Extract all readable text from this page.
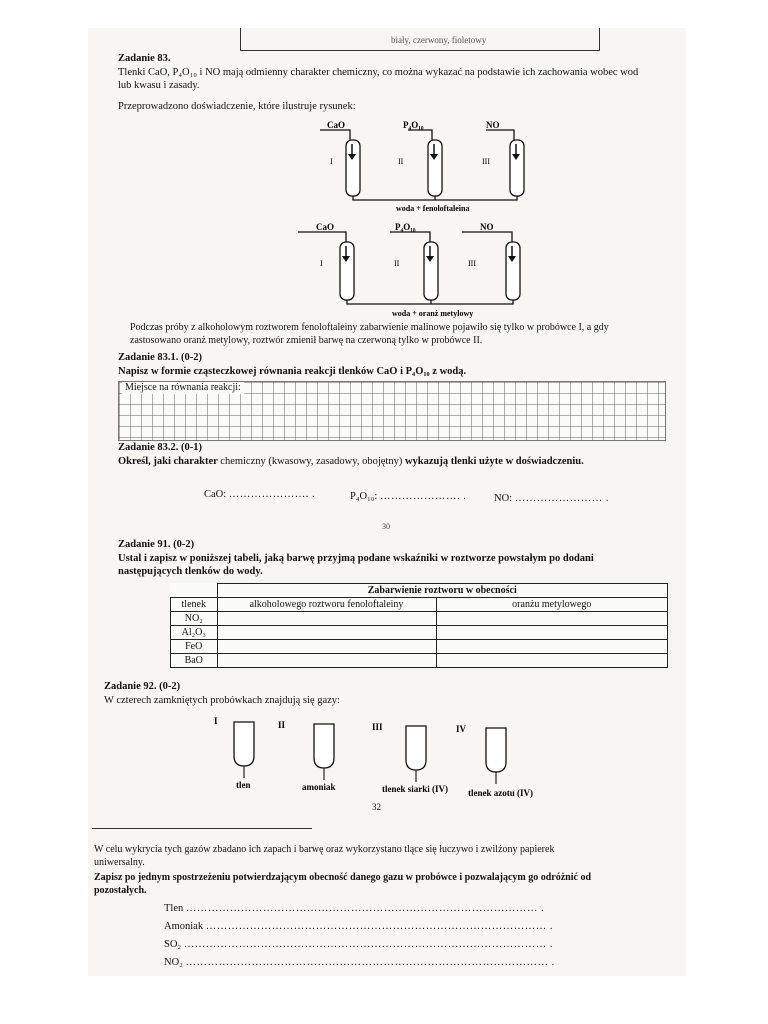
biały, czerwony, fioletowy
Zadanie 83.
Tlenki CaO, P₄O₁₀ i NO mają odmienny charakter chemiczny, co można wykazać na podstawie ich zachowania wobec wod
lub kwasu i zasady.
Przeprowadzono doświadczenie, które ilustruje rysunek:
CaO	P₄O₁₀	NO
I	II	III
woda + fenoloftaleina
CaO	P₄O₁₀	NO
I	II	III
woda + oranż metylowy
Podczas próby z alkoholowym roztworem fenoloftaleiny zabarwienie malinowe pojawiło się tylko w probówce I, a gdy
zastosowano oranż metylowy, roztwór zmienił barwę na czerwoną tylko w probówce II.
Zadanie 83.1. (0-2)
Napisz w formie cząsteczkowej równania reakcji tlenków CaO i P₄O₁₀ z wodą.
Miejsce na równania reakcji:
Zadanie 83.2. (0-1)
Określ, jaki charakter chemiczny (kwasowy, zasadowy, obojętny) wykazują tlenki użyte w doświadczeniu.
CaO: …………………. .	P₄O₁₀: …………………. .	NO: …………………… .
30
Zadanie 91. (0-2)
Ustal i zapisz w poniższej tabeli, jaką barwę przyjmą podane wskaźniki w roztworze powstałym po dodani
następujących tlenków do wody.
	Zabarwienie roztworu w obecności	
tlenek	alkoholowego roztworu fenoloftaleiny	oranżu metylowego
NO₂		
Al₂O₃		
FeO		
BaO		
Zadanie 92. (0-2)
W czterech zamkniętych probówkach znajdują się gazy:
I	II	III	IV
tlen	amoniak	tlenek siarki (IV) tlenek azotu (IV)
32
W celu wykrycia tych gazów zbadano ich zapach i barwę oraz wykorzystano tlące się łuczywo i zwilżony papierek
uniwersalny.
Zapisz po jednym spostrzeżeniu potwierdzającym obecność danego gazu w probówce i pozwalającym go odróżnić od
pozostałych.
Tlen …………………………………………………………………………………… .
Amoniak ………………………………………………………………………………… .
SO₂ ……………………………………………………………………………………… .
NO₂ ……………………………………………………………………………………… .
